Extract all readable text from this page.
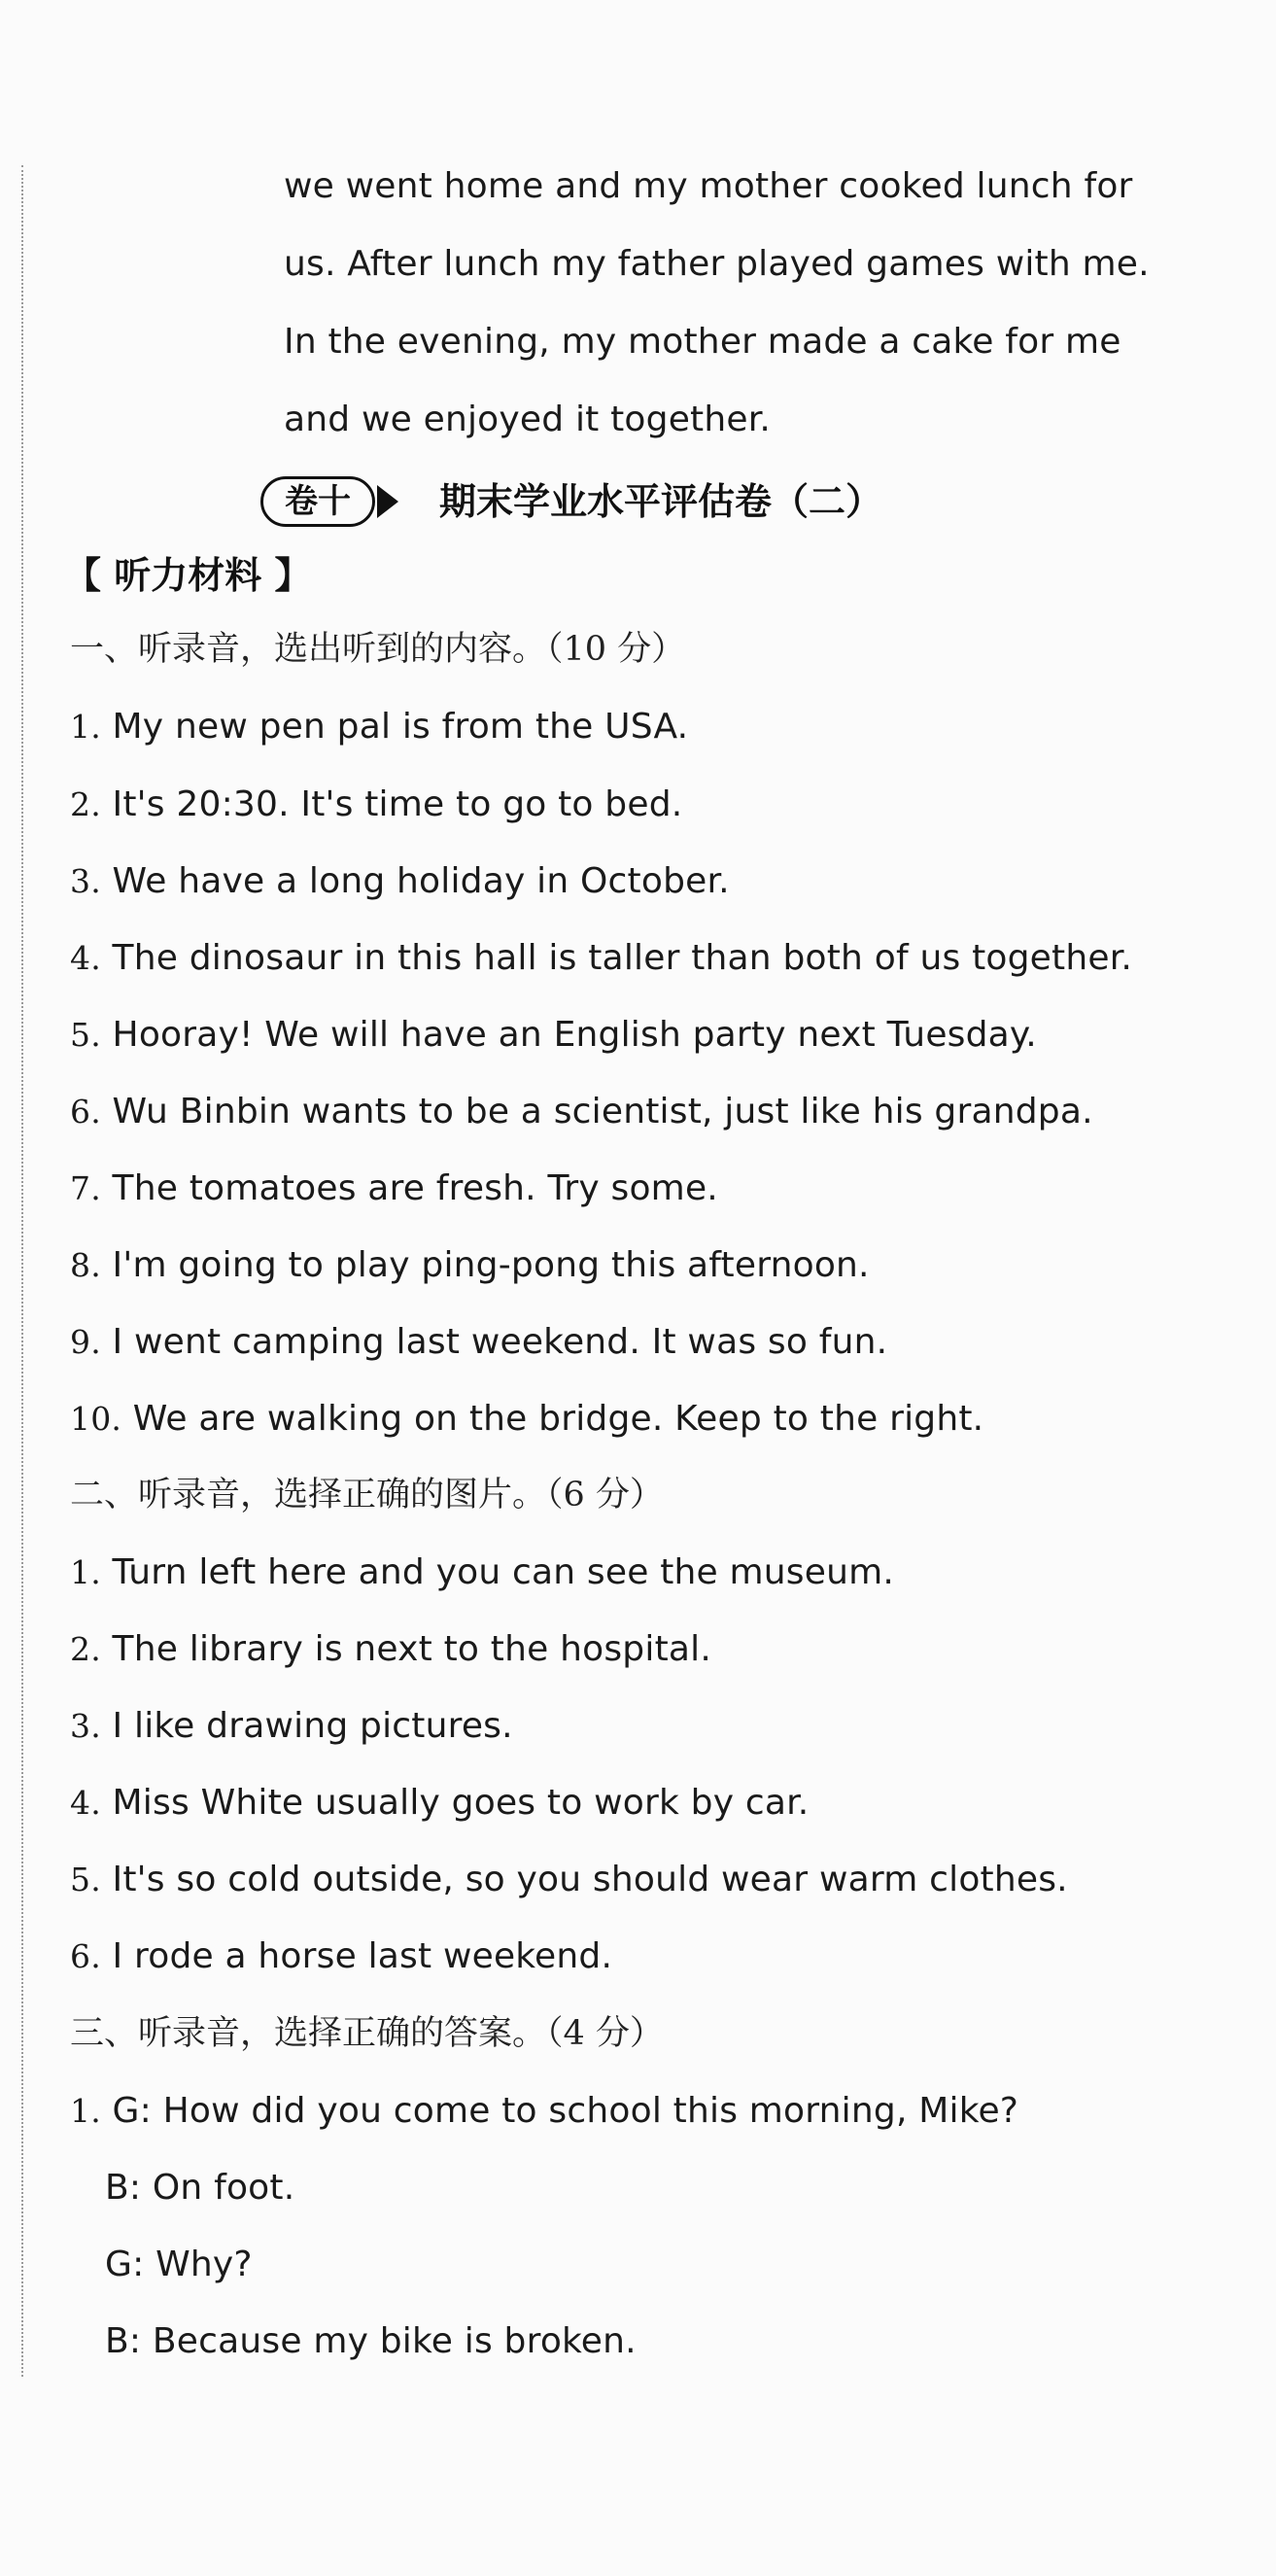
we went home and my mother cooked lunch for
us. After lunch my father played games with me.
In the evening, my mother made a cake for me
and we enjoyed it together.
卷十	期末学业水平评估卷（二）
【 听力材料 】
一、听录音，选出听到的内容。（10 分）
1. My new pen pal is from the USA.
2. It's 20:30. It's time to go to bed.
3. We have a long holiday in October.
4. The dinosaur in this hall is taller than both of us together.
5. Hooray! We will have an English party next Tuesday.
6. Wu Binbin wants to be a scientist, just like his grandpa.
7. The tomatoes are fresh. Try some.
8. I'm going to play ping-pong this afternoon.
9. I went camping last weekend. It was so fun.
10. We are walking on the bridge. Keep to the right.
二、听录音，选择正确的图片。（6 分）
1. Turn left here and you can see the museum.
2. The library is next to the hospital.
3. I like drawing pictures.
4. Miss White usually goes to work by car.
5. It's so cold outside, so you should wear warm clothes.
6. I rode a horse last weekend.
三、听录音，选择正确的答案。（4 分）
1. G: How did you come to school this morning, Mike?
B: On foot.
G: Why?
B: Because my bike is broken.
